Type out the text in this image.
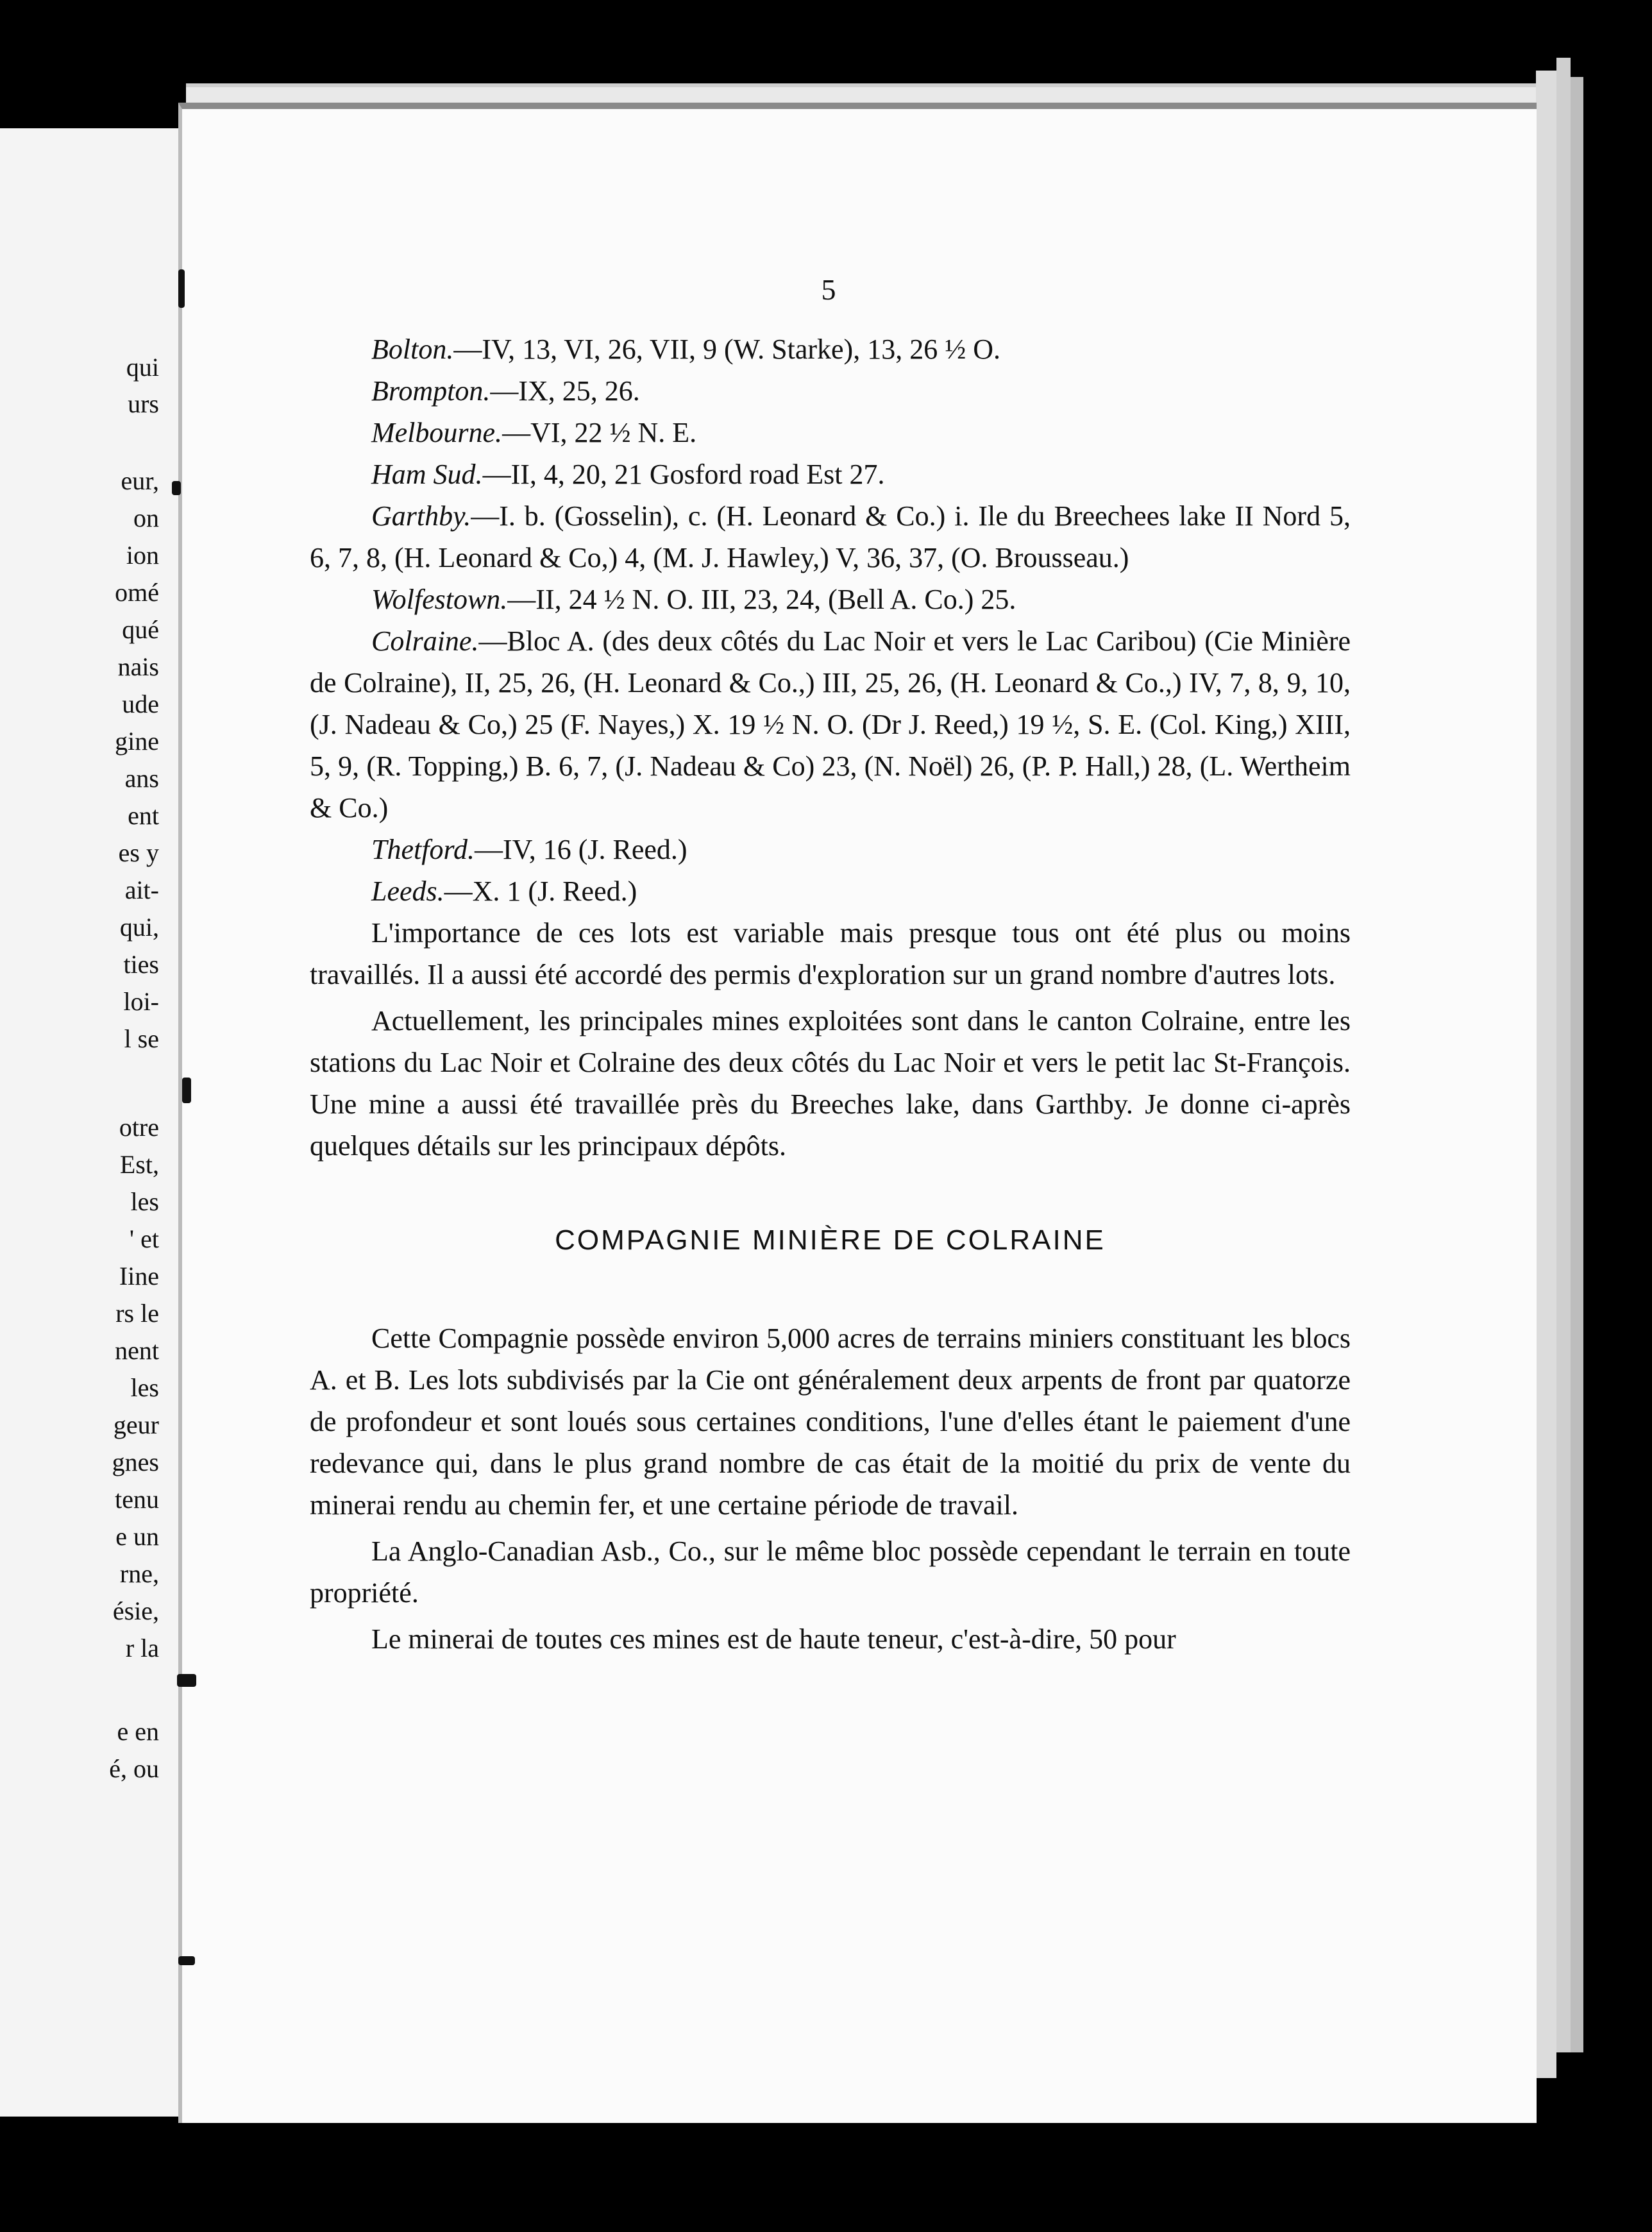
qui
urs
eur,
on
ion
omé
qué
nais
ude
gine
ans
ent
es y
ait-
qui,
ties
loi-
l se
otre
Est,
les
' et
Iine
rs le
nent
les
geur
gnes
tenu
e un
rne,
ésie,
r la
e en
é, ou
5

Bolton.—IV, 13, VI, 26, VII, 9 (W. Starke), 13, 26 ½ O.

Brompton.—IX, 25, 26.

Melbourne.—VI, 22 ½ N. E.

Ham Sud.—II, 4, 20, 21 Gosford road Est 27.

Garthby.—I. b. (Gosselin), c. (H. Leonard & Co.) i. Ile du Breechees lake II Nord 5, 6, 7, 8, (H. Leonard & Co,) 4, (M. J. Hawley,) V, 36, 37, (O. Brousseau.)

Wolfestown.—II, 24 ½ N. O. III, 23, 24, (Bell A. Co.) 25.

Colraine.—Bloc A. (des deux côtés du Lac Noir et vers le Lac Caribou) (Cie Minière de Colraine), II, 25, 26, (H. Leonard & Co.,) III, 25, 26, (H. Leonard & Co.,) IV, 7, 8, 9, 10, (J. Nadeau & Co,) 25 (F. Nayes,) X. 19 ½ N. O. (Dr J. Reed,) 19 ½, S. E. (Col. King,) XIII, 5, 9, (R. Topping,) B. 6, 7, (J. Nadeau & Co) 23, (N. Noël) 26, (P. P. Hall,) 28, (L. Wertheim & Co.)

Thetford.—IV, 16 (J. Reed.)

Leeds.—X. 1 (J. Reed.)

L'importance de ces lots est variable mais presque tous ont été plus ou moins travaillés. Il a aussi été accordé des permis d'exploration sur un grand nombre d'autres lots.

Actuellement, les principales mines exploitées sont dans le canton Colraine, entre les stations du Lac Noir et Colraine des deux côtés du Lac Noir et vers le petit lac St-François. Une mine a aussi été travaillée près du Breeches lake, dans Garthby. Je donne ci-après quelques détails sur les principaux dépôts.

COMPAGNIE MINIÈRE DE COLRAINE

Cette Compagnie possède environ 5,000 acres de terrains miniers constituant les blocs A. et B. Les lots subdivisés par la Cie ont généralement deux arpents de front par quatorze de profondeur et sont loués sous certaines conditions, l'une d'elles étant le paiement d'une redevance qui, dans le plus grand nombre de cas était de la moitié du prix de vente du minerai rendu au chemin fer, et une certaine période de travail.

La Anglo-Canadian Asb., Co., sur le même bloc possède cependant le terrain en toute propriété.

Le minerai de toutes ces mines est de haute teneur, c'est-à-dire, 50 pour
